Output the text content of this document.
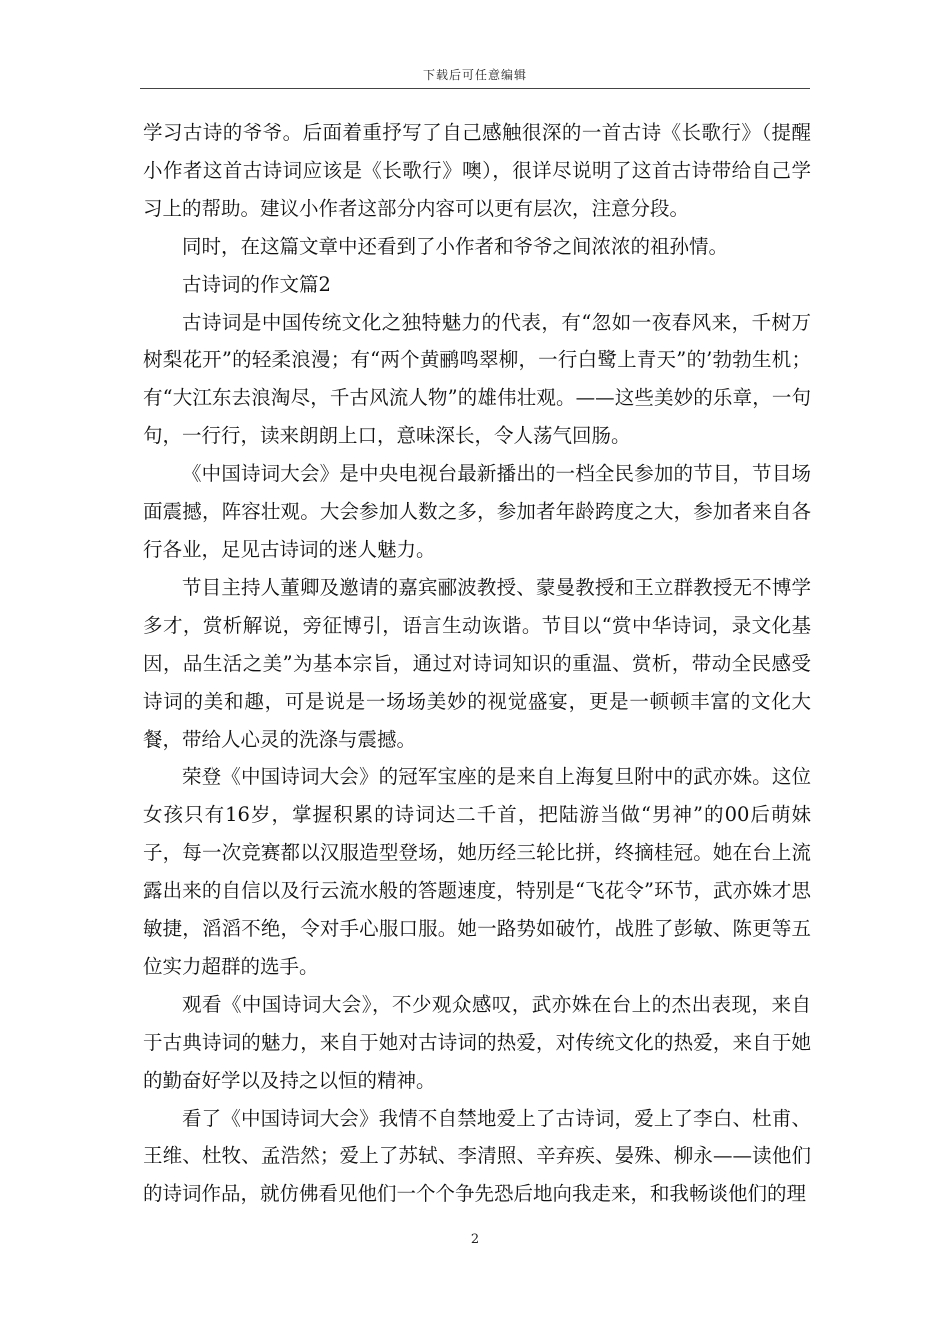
下载后可任意编辑

学习古诗的爷爷。后面着重抒写了自己感触很深的一首古诗《长歌行》（提醒小作者这首古诗词应该是《长歌行》噢），很详尽说明了这首古诗带给自己学习上的帮助。建议小作者这部分内容可以更有层次，注意分段。

同时，在这篇文章中还看到了小作者和爷爷之间浓浓的祖孙情。

古诗词的作文篇2

古诗词是中国传统文化之独特魅力的代表，有“忽如一夜春风来，千树万树梨花开”的轻柔浪漫；有“两个黄鹂鸣翠柳，一行白鹭上青天”的’勃勃生机；有“大江东去浪淘尽，千古风流人物”的雄伟壮观。——这些美妙的乐章，一句句，一行行，读来朗朗上口，意味深长，令人荡气回肠。

《中国诗词大会》是中央电视台最新播出的一档全民参加的节目，节目场面震撼，阵容壮观。大会参加人数之多，参加者年龄跨度之大，参加者来自各行各业，足见古诗词的迷人魅力。

节目主持人董卿及邀请的嘉宾郦波教授、蒙曼教授和王立群教授无不博学多才，赏析解说，旁征博引，语言生动诙谐。节目以“赏中华诗词，录文化基因，品生活之美”为基本宗旨，通过对诗词知识的重温、赏析，带动全民感受诗词的美和趣，可是说是一场场美妙的视觉盛宴，更是一顿顿丰富的文化大餐，带给人心灵的洗涤与震撼。

荣登《中国诗词大会》的冠军宝座的是来自上海复旦附中的武亦姝。这位女孩只有16岁，掌握积累的诗词达二千首，把陆游当做“男神”的00后萌妹子，每一次竞赛都以汉服造型登场，她历经三轮比拼，终摘桂冠。她在台上流露出来的自信以及行云流水般的答题速度，特别是“飞花令”环节，武亦姝才思敏捷，滔滔不绝，令对手心服口服。她一路势如破竹，战胜了彭敏、陈更等五位实力超群的选手。

观看《中国诗词大会》，不少观众感叹，武亦姝在台上的杰出表现，来自于古典诗词的魅力，来自于她对古诗词的热爱，对传统文化的热爱，来自于她的勤奋好学以及持之以恒的精神。

看了《中国诗词大会》我情不自禁地爱上了古诗词，爱上了李白、杜甫、王维、杜牧、孟浩然；爱上了苏轼、李清照、辛弃疾、晏殊、柳永——读他们的诗词作品，就仿佛看见他们一个个争先恐后地向我走来，和我畅谈他们的理

2
